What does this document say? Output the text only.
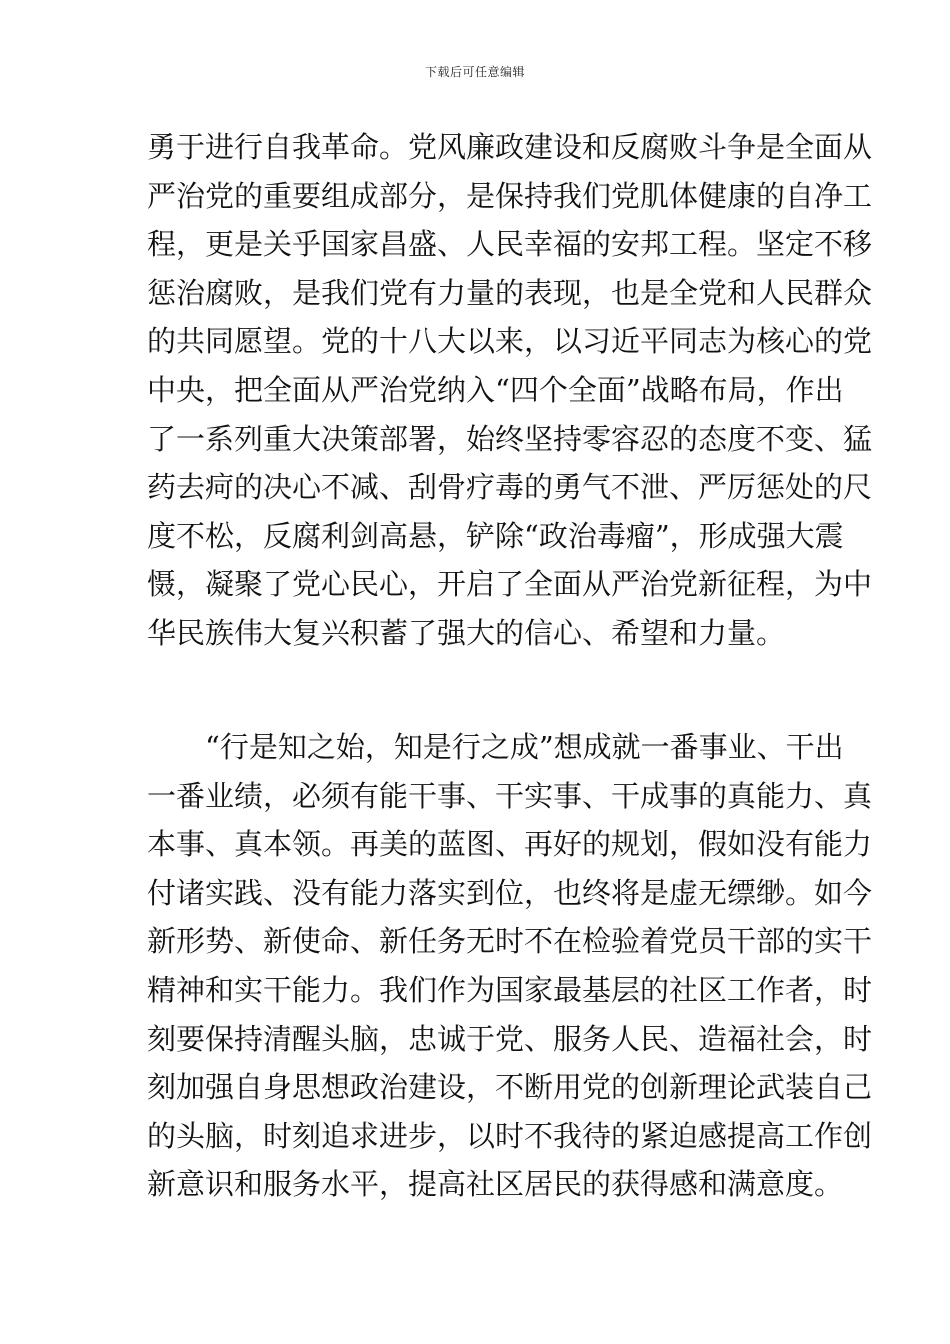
下载后可任意编辑
勇于进行自我革命。党风廉政建设和反腐败斗争是全面从
严治党的重要组成部分，是保持我们党肌体健康的自净工
程，更是关乎国家昌盛、人民幸福的安邦工程。坚定不移
惩治腐败，是我们党有力量的表现，也是全党和人民群众
的共同愿望。党的十八大以来，以习近平同志为核心的党
中央，把全面从严治党纳入“四个全面”战略布局，作出
了一系列重大决策部署，始终坚持零容忍的态度不变、猛
药去疴的决心不减、刮骨疗毒的勇气不泄、严厉惩处的尺
度不松，反腐利剑高悬，铲除“政治毒瘤”，形成强大震
慑，凝聚了党心民心，开启了全面从严治党新征程，为中
华民族伟大复兴积蓄了强大的信心、希望和力量。
　　“行是知之始，知是行之成”想成就一番事业、干出
一番业绩，必须有能干事、干实事、干成事的真能力、真
本事、真本领。再美的蓝图、再好的规划，假如没有能力
付诸实践、没有能力落实到位，也终将是虚无缥缈。如今
新形势、新使命、新任务无时不在检验着党员干部的实干
精神和实干能力。我们作为国家最基层的社区工作者，时
刻要保持清醒头脑，忠诚于党、服务人民、造福社会，时
刻加强自身思想政治建设，不断用党的创新理论武装自己
的头脑，时刻追求进步，以时不我待的紧迫感提高工作创
新意识和服务水平，提高社区居民的获得感和满意度。
